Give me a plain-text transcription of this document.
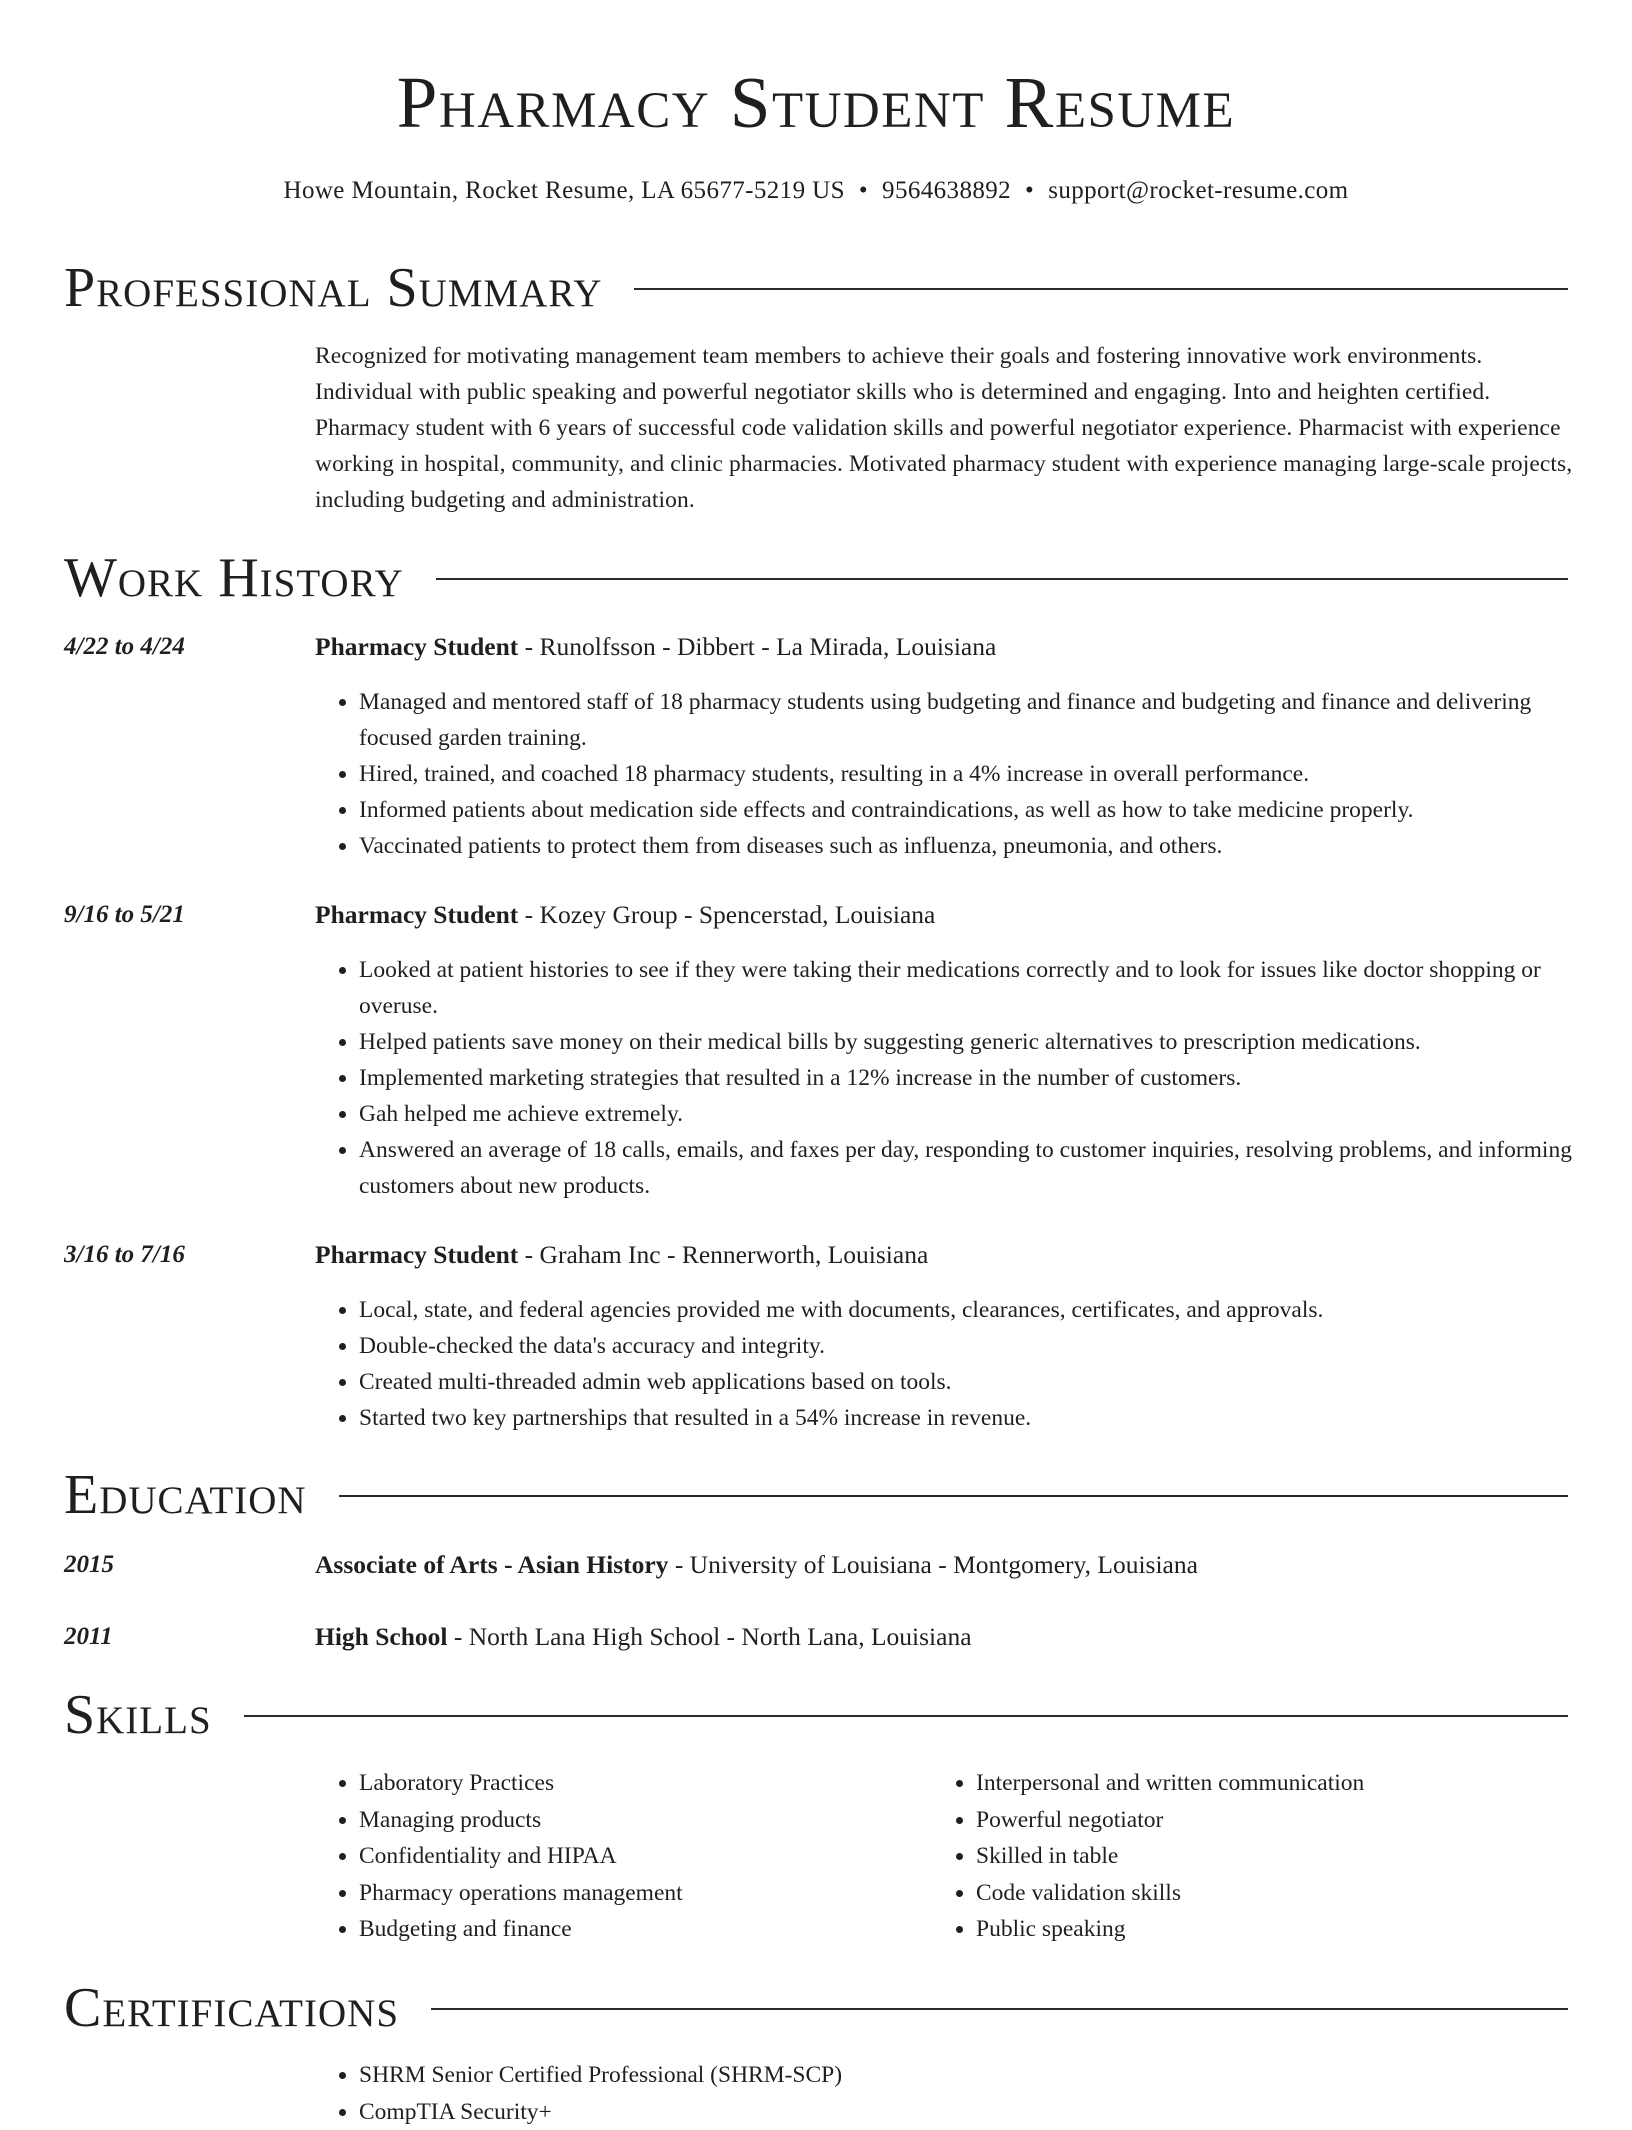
Pharmacy Student Resume
Howe Mountain, Rocket Resume, LA 65677-5219 US • 9564638892 • support@rocket-resume.com
Professional Summary
Recognized for motivating management team members to achieve their goals and fostering innovative work environments. Individual with public speaking and powerful negotiator skills who is determined and engaging. Into and heighten certified. Pharmacy student with 6 years of successful code validation skills and powerful negotiator experience. Pharmacist with experience working in hospital, community, and clinic pharmacies. Motivated pharmacy student with experience managing large-scale projects, including budgeting and administration.
Work History
4/22 to 4/24	Pharmacy Student - Runolfsson - Dibbert - La Mirada, Louisiana
• Managed and mentored staff of 18 pharmacy students using budgeting and finance and budgeting and finance and delivering focused garden training.
• Hired, trained, and coached 18 pharmacy students, resulting in a 4% increase in overall performance.
• Informed patients about medication side effects and contraindications, as well as how to take medicine properly.
• Vaccinated patients to protect them from diseases such as influenza, pneumonia, and others.
9/16 to 5/21	Pharmacy Student - Kozey Group - Spencerstad, Louisiana
• Looked at patient histories to see if they were taking their medications correctly and to look for issues like doctor shopping or overuse.
• Helped patients save money on their medical bills by suggesting generic alternatives to prescription medications.
• Implemented marketing strategies that resulted in a 12% increase in the number of customers.
• Gah helped me achieve extremely.
• Answered an average of 18 calls, emails, and faxes per day, responding to customer inquiries, resolving problems, and informing customers about new products.
3/16 to 7/16	Pharmacy Student - Graham Inc - Rennerworth, Louisiana
• Local, state, and federal agencies provided me with documents, clearances, certificates, and approvals.
• Double-checked the data's accuracy and integrity.
• Created multi-threaded admin web applications based on tools.
• Started two key partnerships that resulted in a 54% increase in revenue.
Education
2015	Associate of Arts - Asian History - University of Louisiana - Montgomery, Louisiana
2011	High School - North Lana High School - North Lana, Louisiana
Skills
• Laboratory Practices
• Managing products
• Confidentiality and HIPAA
• Pharmacy operations management
• Budgeting and finance
• Interpersonal and written communication
• Powerful negotiator
• Skilled in table
• Code validation skills
• Public speaking
Certifications
• SHRM Senior Certified Professional (SHRM-SCP)
• CompTIA Security+
